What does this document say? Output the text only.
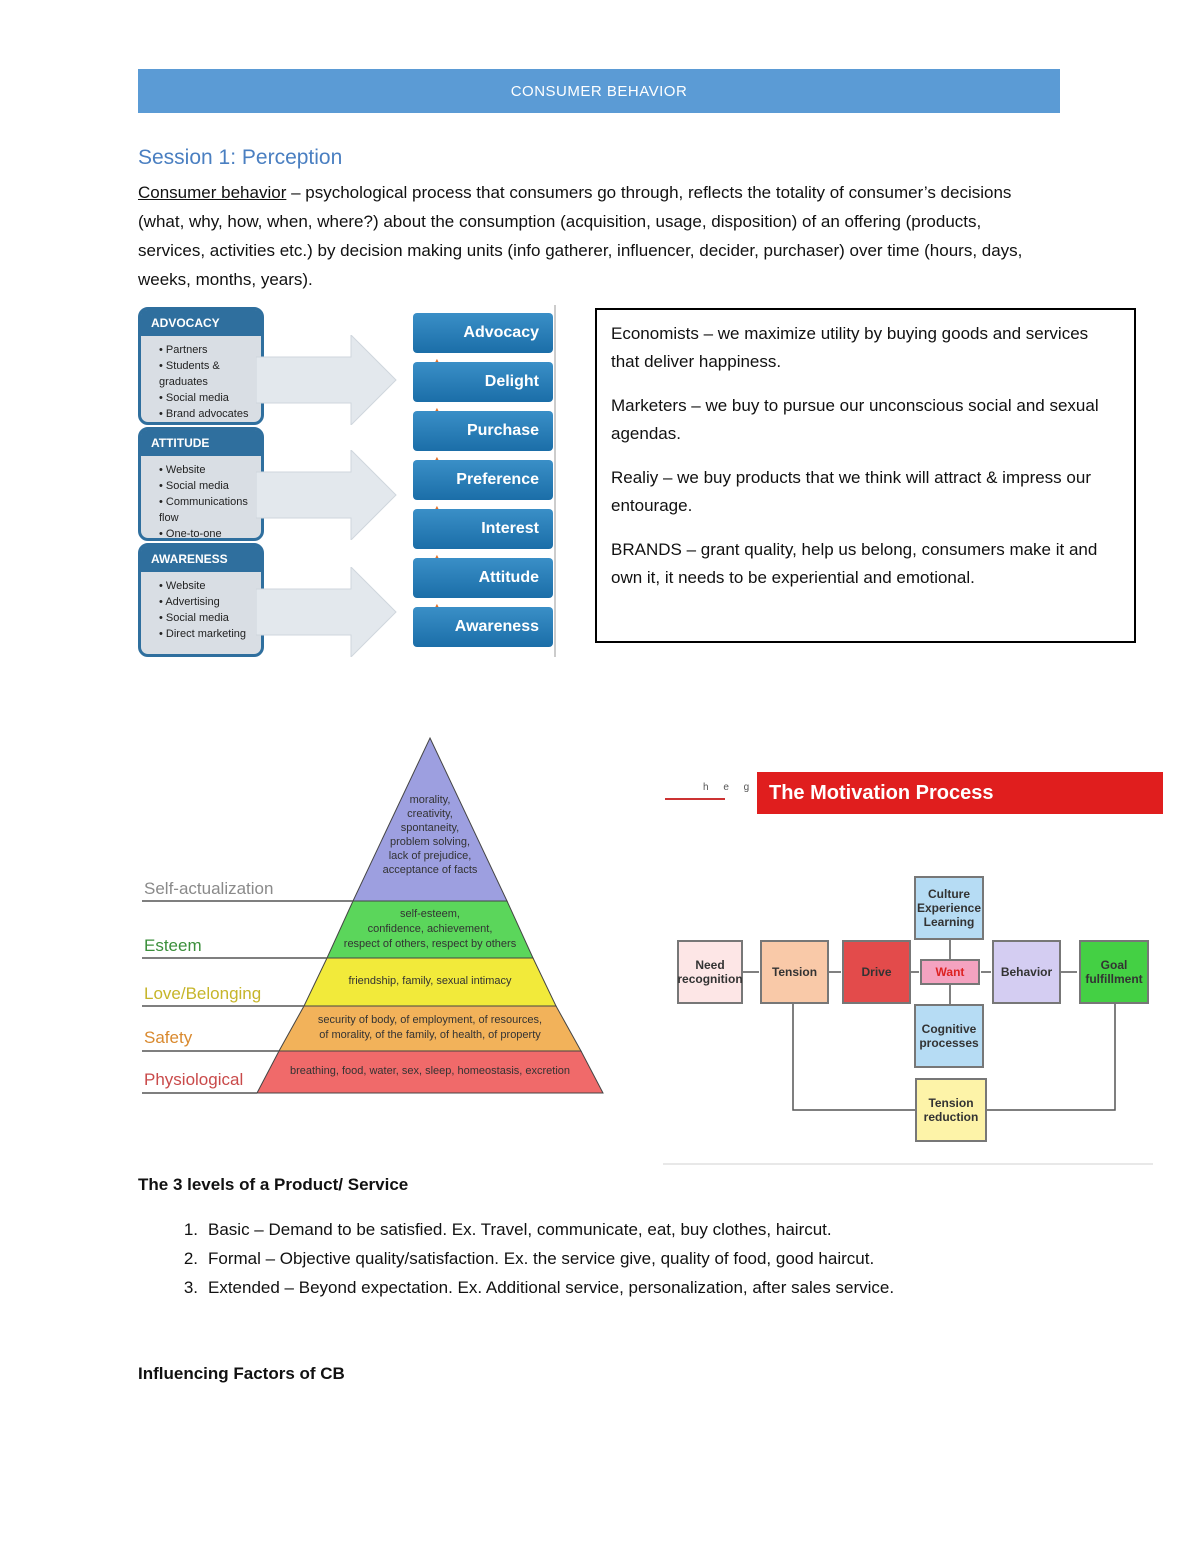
CONSUMER BEHAVIOR
Session 1: Perception
Consumer behavior – psychological process that consumers go through, reflects the totality of consumer’s decisions (what, why, how, when, where?) about the consumption (acquisition, usage, disposition) of an offering (products, services, activities etc.) by decision making units (info gatherer, influencer, decider, purchaser) over time (hours, days, weeks, months, years).
ADVOCACY
• Partners
• Students & graduates
• Social media
• Brand advocates
ATTITUDE
• Website
• Social media
• Communications flow
• One-to-one
AWARENESS
• Website
• Advertising
• Social media
• Direct marketing
Advocacy
Delight
Purchase
Preference
Interest
Attitude
Awareness

Economists – we maximize utility by buying goods and services that deliver happiness.

Marketers – we buy to pursue our unconscious social and sexual agendas.

Realiy – we buy products that we think will attract & impress our entourage.

BRANDS – grant quality, help us belong, consumers make it and own it, it needs to be experiential and emotional.

Self-actualization
Esteem
Love/Belonging
Safety
Physiological
morality,
creativity,
spontaneity,
problem solving,
lack of prejudice,
acceptance of facts
self-esteem,
confidence, achievement,
respect of others, respect by others
friendship, family, sexual intimacy
security of body, of employment, of resources,
of morality, of the family, of health, of property
breathing, food, water, sex, sleep, homeostasis, excretion
h e g The Motivation Process
Need recognition	Tension	Drive	Want	Behavior	Goal fulfillment
Culture Experience Learning
Cognitive processes
Tension reduction
The 3 levels of a Product/ Service
1. Basic – Demand to be satisfied. Ex. Travel, communicate, eat, buy clothes, haircut.
2. Formal – Objective quality/satisfaction. Ex. the service give, quality of food, good haircut.
3. Extended – Beyond expectation. Ex. Additional service, personalization, after sales service.
Influencing Factors of CB
